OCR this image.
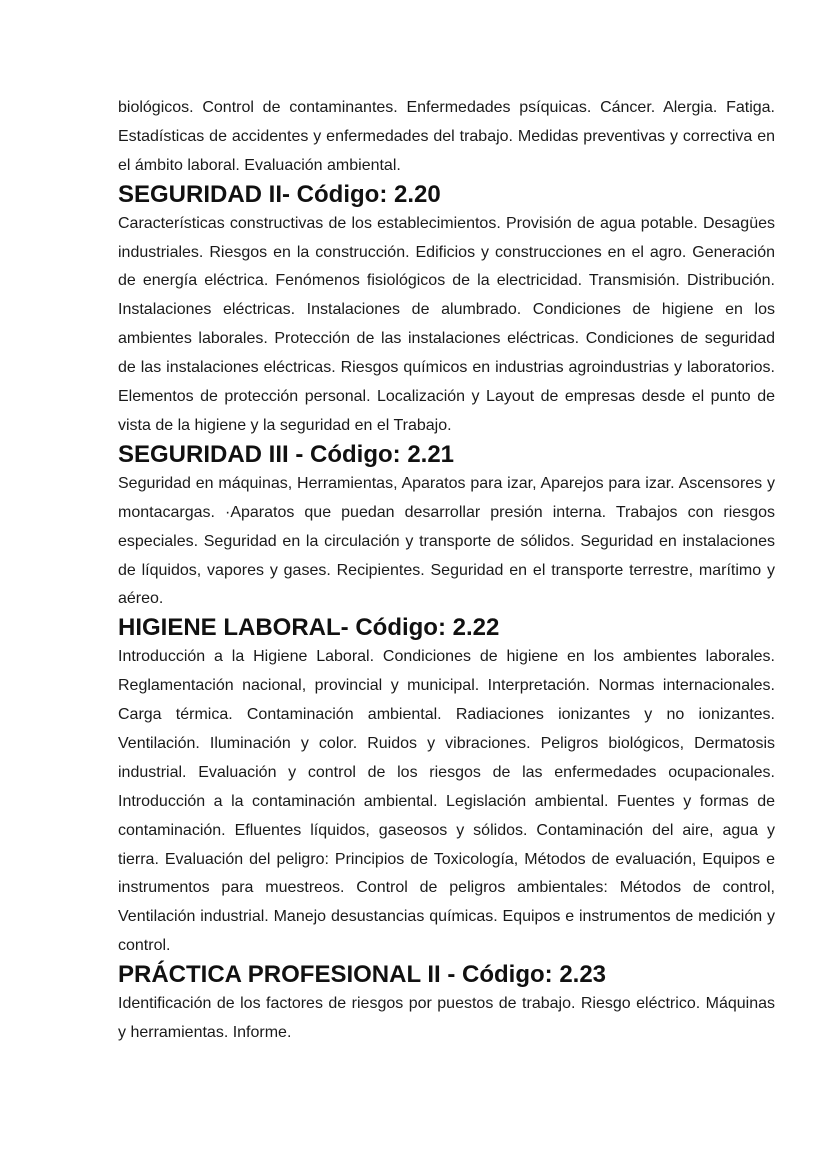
biológicos. Control de contaminantes. Enfermedades psíquicas. Cáncer. Alergia. Fatiga. Estadísticas de accidentes y enfermedades del trabajo. Medidas preventivas y correctiva en el ámbito laboral. Evaluación ambiental.

SEGURIDAD II- Código: 2.20

Características constructivas de los establecimientos. Provisión de agua potable. Desagües industriales. Riesgos en la construcción. Edificios y construcciones en el agro. Generación de energía eléctrica. Fenómenos fisiológicos de la electricidad. Transmisión. Distribución. Instalaciones eléctricas. Instalaciones de alumbrado. Condiciones de higiene en los ambientes laborales. Protección de las instalaciones eléctricas. Condiciones de seguridad de las instalaciones eléctricas. Riesgos químicos en industrias agroindustrias y laboratorios. Elementos de protección personal. Localización y Layout de empresas desde el punto de vista de la higiene y la seguridad en el Trabajo.

SEGURIDAD III - Código: 2.21

Seguridad en máquinas, Herramientas, Aparatos para izar, Aparejos para izar. Ascensores y montacargas. ·Aparatos que puedan desarrollar presión interna. Trabajos con riesgos especiales. Seguridad en la circulación y transporte de sólidos. Seguridad en instalaciones de líquidos, vapores y gases. Recipientes. Seguridad en el transporte terrestre, marítimo y aéreo.

HIGIENE LABORAL- Código: 2.22

Introducción a la Higiene Laboral. Condiciones de higiene en los ambientes laborales. Reglamentación nacional, provincial y municipal. Interpretación. Normas internacionales. Carga térmica. Contaminación ambiental. Radiaciones ionizantes y no ionizantes. Ventilación. Iluminación y color. Ruidos y vibraciones. Peligros biológicos, Dermatosis industrial. Evaluación y control de los riesgos de las enfermedades ocupacionales. Introducción a la contaminación ambiental. Legislación ambiental. Fuentes y formas de contaminación. Efluentes líquidos, gaseosos y sólidos. Contaminación del aire, agua y tierra. Evaluación del peligro: Principios de Toxicología, Métodos de evaluación, Equipos e instrumentos para muestreos. Control de peligros ambientales: Métodos de control, Ventilación industrial. Manejo desustancias químicas. Equipos e instrumentos de medición y control.

PRÁCTICA PROFESIONAL II - Código: 2.23

Identificación de los factores de riesgos por puestos de trabajo. Riesgo eléctrico. Máquinas y herramientas. Informe.
